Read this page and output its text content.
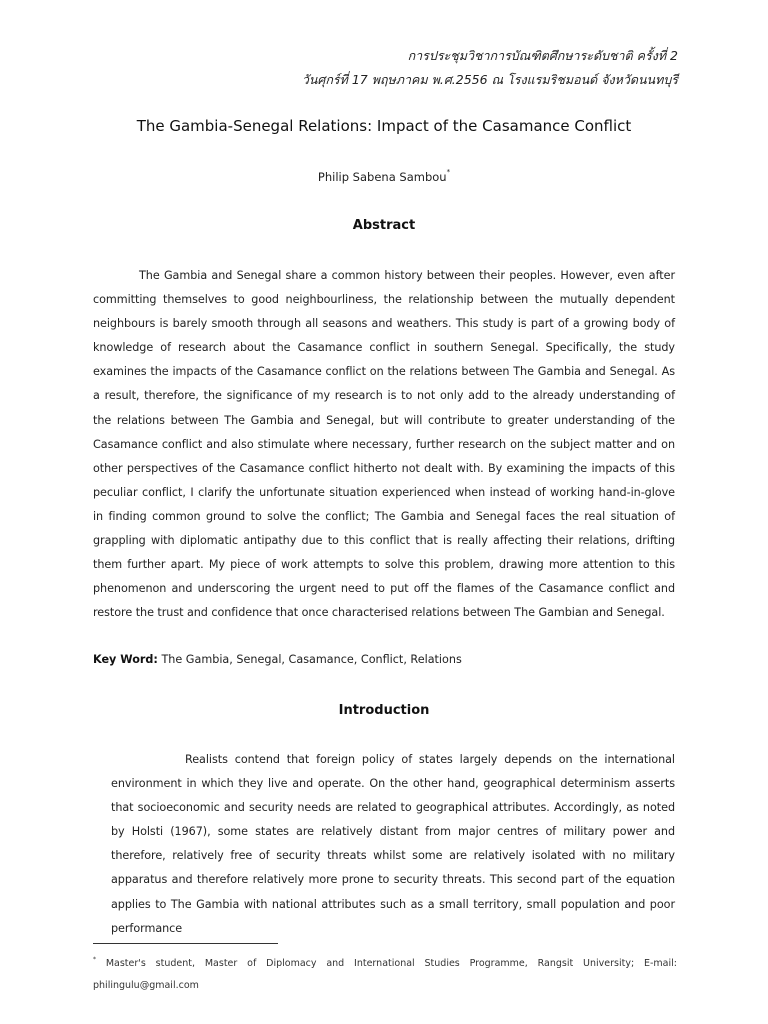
การประชุมวิชาการบัณฑิตศึกษาระดับชาติ ครั้งที่ 2
วันศุกร์ที่ 17 พฤษภาคม พ.ศ.2556 ณ โรงแรมริชมอนด์ จังหวัดนนทบุรี
The Gambia-Senegal Relations: Impact of the Casamance Conflict
Philip Sabena Sambou*
Abstract
The Gambia and Senegal share a common history between their peoples. However, even after committing themselves to good neighbourliness, the relationship between the mutually dependent neighbours is barely smooth through all seasons and weathers. This study is part of a growing body of knowledge of research about the Casamance conflict in southern Senegal. Specifically, the study examines the impacts of the Casamance conflict on the relations between The Gambia and Senegal. As a result, therefore, the significance of my research is to not only add to the already understanding of the relations between The Gambia and Senegal, but will contribute to greater understanding of the Casamance conflict and also stimulate where necessary, further research on the subject matter and on other perspectives of the Casamance conflict hitherto not dealt with. By examining the impacts of this peculiar conflict, I clarify the unfortunate situation experienced when instead of working hand-in-glove in finding common ground to solve the conflict; The Gambia and Senegal faces the real situation of grappling with diplomatic antipathy due to this conflict that is really affecting their relations, drifting them further apart. My piece of work attempts to solve this problem, drawing more attention to this phenomenon and underscoring the urgent need to put off the flames of the Casamance conflict and restore the trust and confidence that once characterised relations between The Gambian and Senegal.
Key Word: The Gambia, Senegal, Casamance, Conflict, Relations
Introduction
Realists contend that foreign policy of states largely depends on the international environment in which they live and operate. On the other hand, geographical determinism asserts that socioeconomic and security needs are related to geographical attributes. Accordingly, as noted by Holsti (1967), some states are relatively distant from major centres of military power and therefore, relatively free of security threats whilst some are relatively isolated with no military apparatus and therefore relatively more prone to security threats. This second part of the equation applies to The Gambia with national attributes such as a small territory, small population and poor performance
* Master's student, Master of Diplomacy and International Studies Programme, Rangsit University; E-mail: philingulu@gmail.com
